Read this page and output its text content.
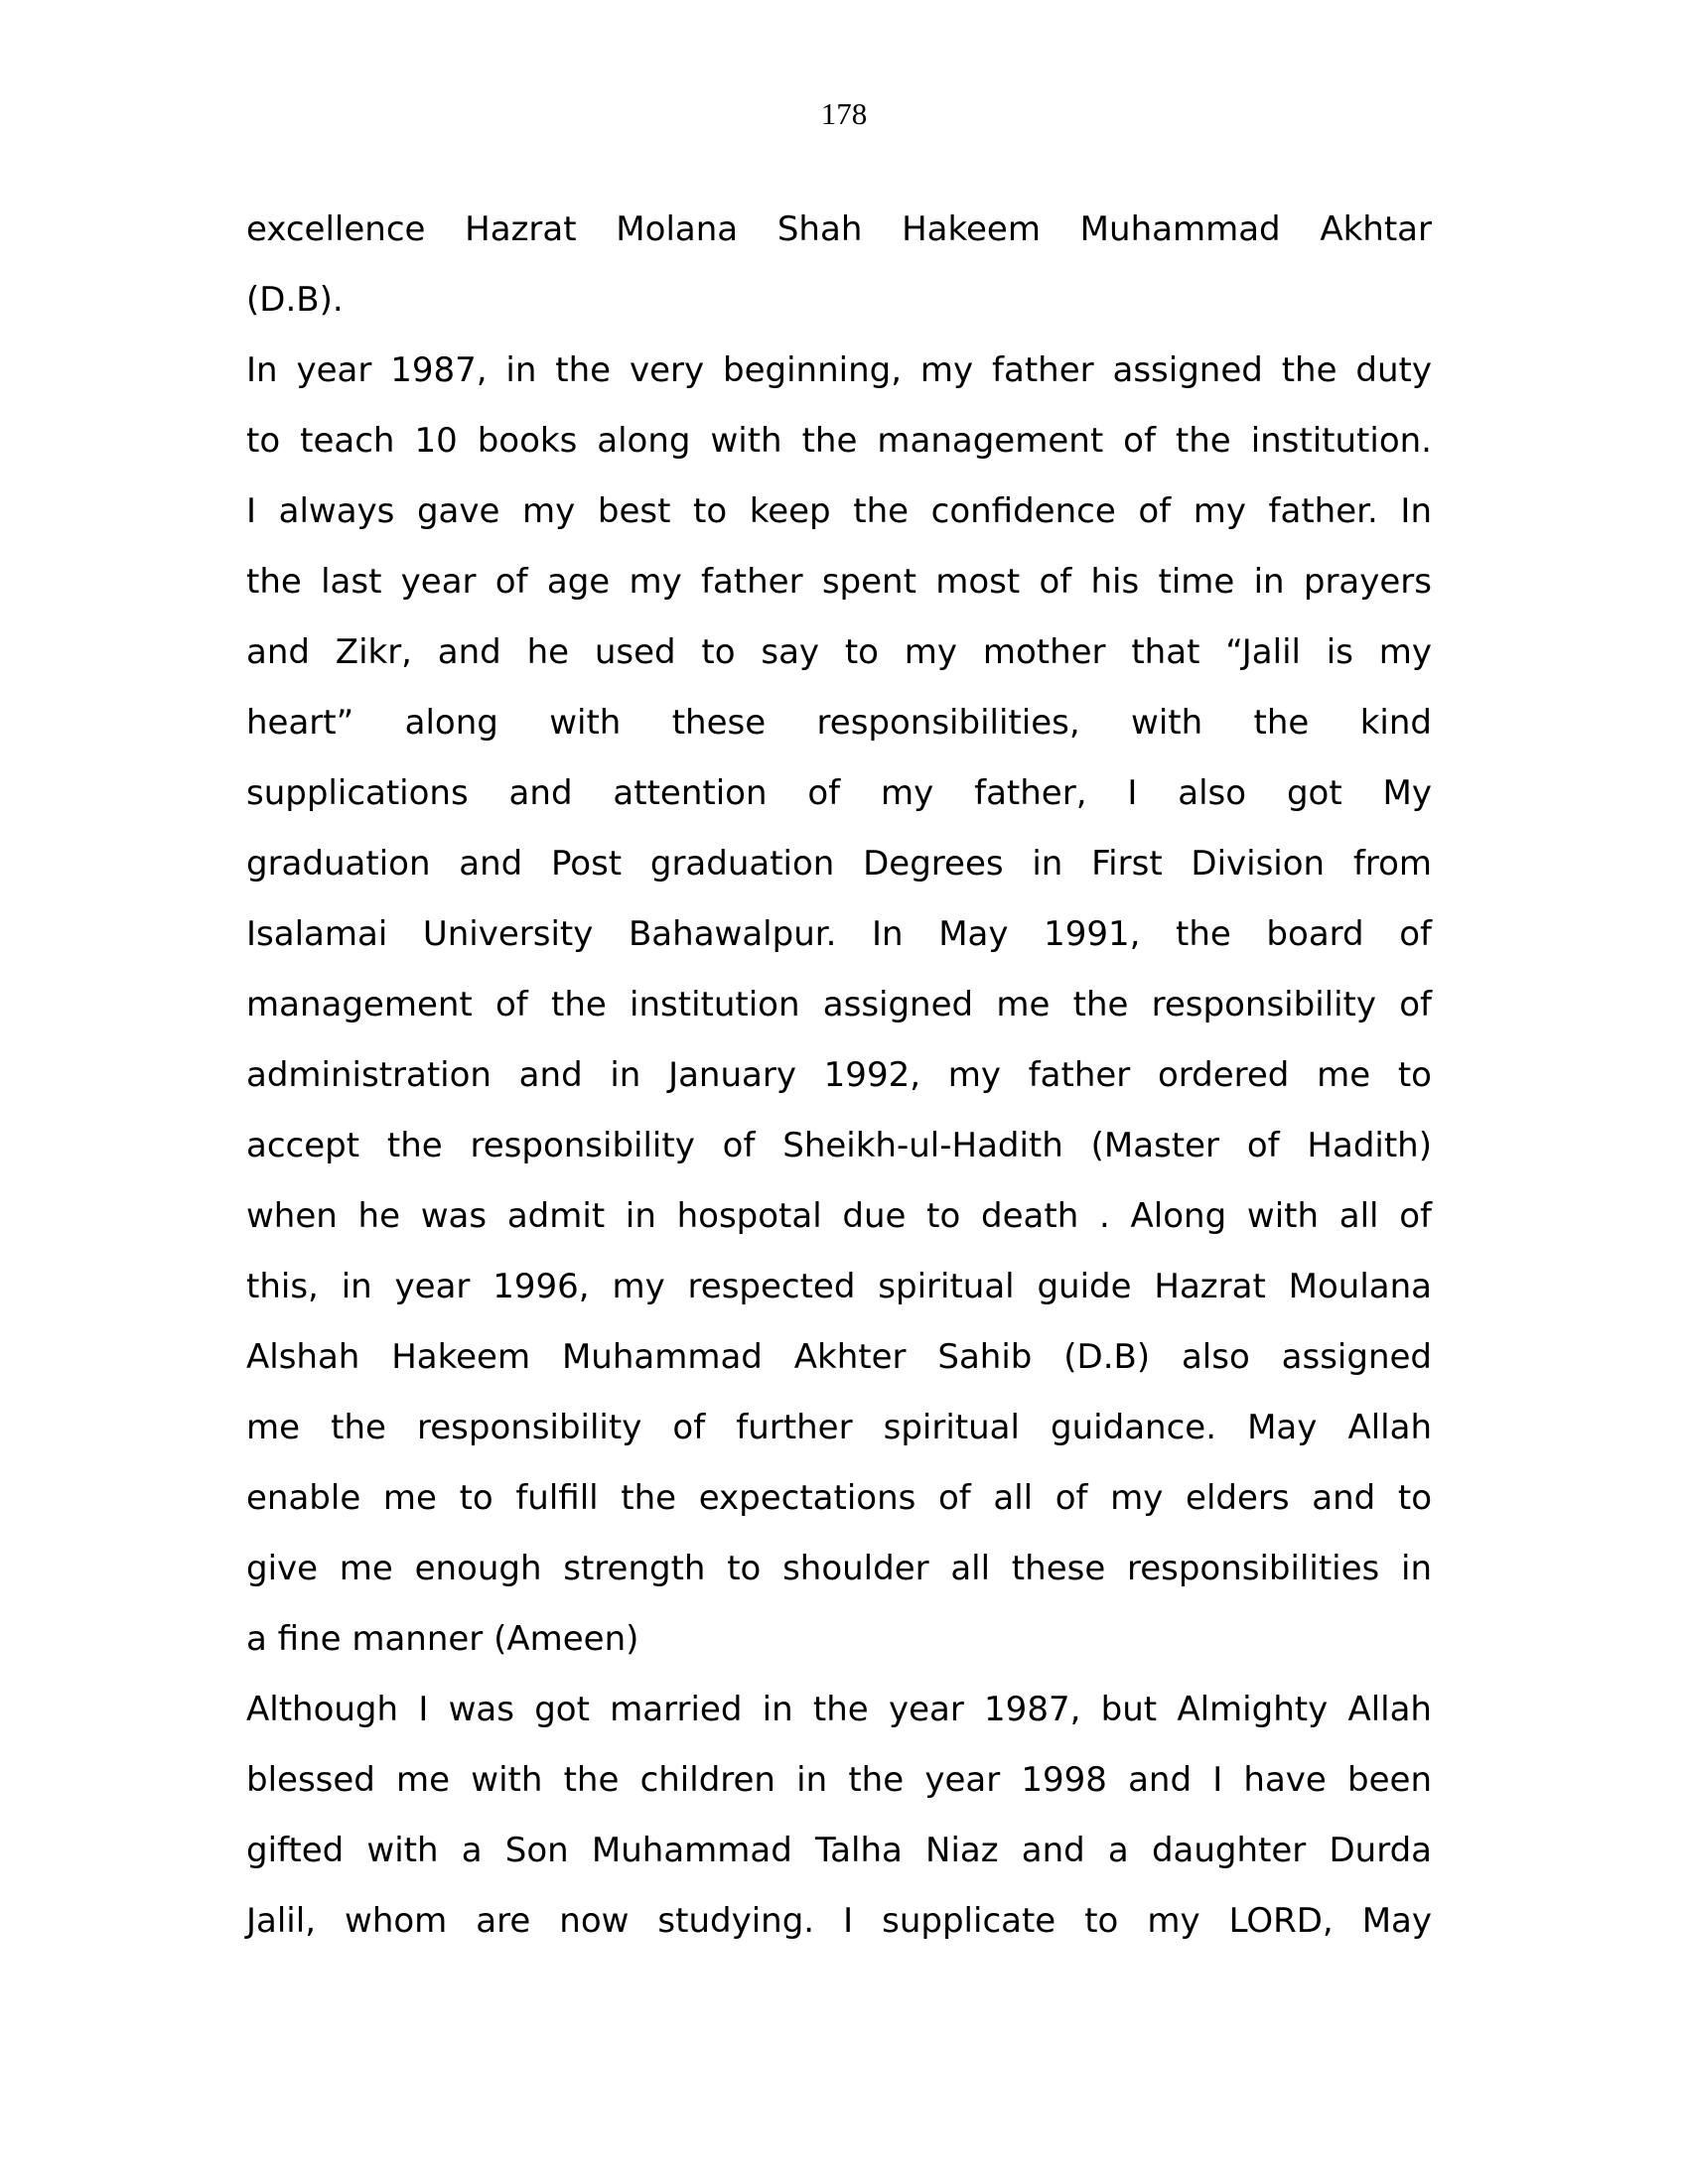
178
excellence Hazrat Molana Shah Hakeem Muhammad Akhtar
(D.B).
In year 1987, in the very beginning, my father assigned the duty
to teach 10 books along with the management of the institution.
I always gave my best to keep the confidence of my father. In
the last year of age my father spent most of his time in prayers
and Zikr, and he used to say to my mother that “Jalil is my
heart” along with these responsibilities, with the kind
supplications and attention of my father, I also got My
graduation and Post graduation Degrees in First Division from
Isalamai University Bahawalpur. In May 1991, the board of
management of the institution assigned me the responsibility of
administration and in January 1992, my father ordered me to
accept the responsibility of Sheikh-ul-Hadith (Master of Hadith)
when he was admit in hospotal due to death . Along with all of
this, in year 1996, my respected spiritual guide Hazrat Moulana
Alshah Hakeem Muhammad Akhter Sahib (D.B) also assigned
me the responsibility of further spiritual guidance. May Allah
enable me to fulfill the expectations of all of my elders and to
give me enough strength to shoulder all these responsibilities in
a fine manner (Ameen)
Although I was got married in the year 1987, but Almighty Allah
blessed me with the children in the year 1998 and I have been
gifted with a Son Muhammad Talha Niaz and a daughter Durda
Jalil, whom are now studying. I supplicate to my LORD, May
